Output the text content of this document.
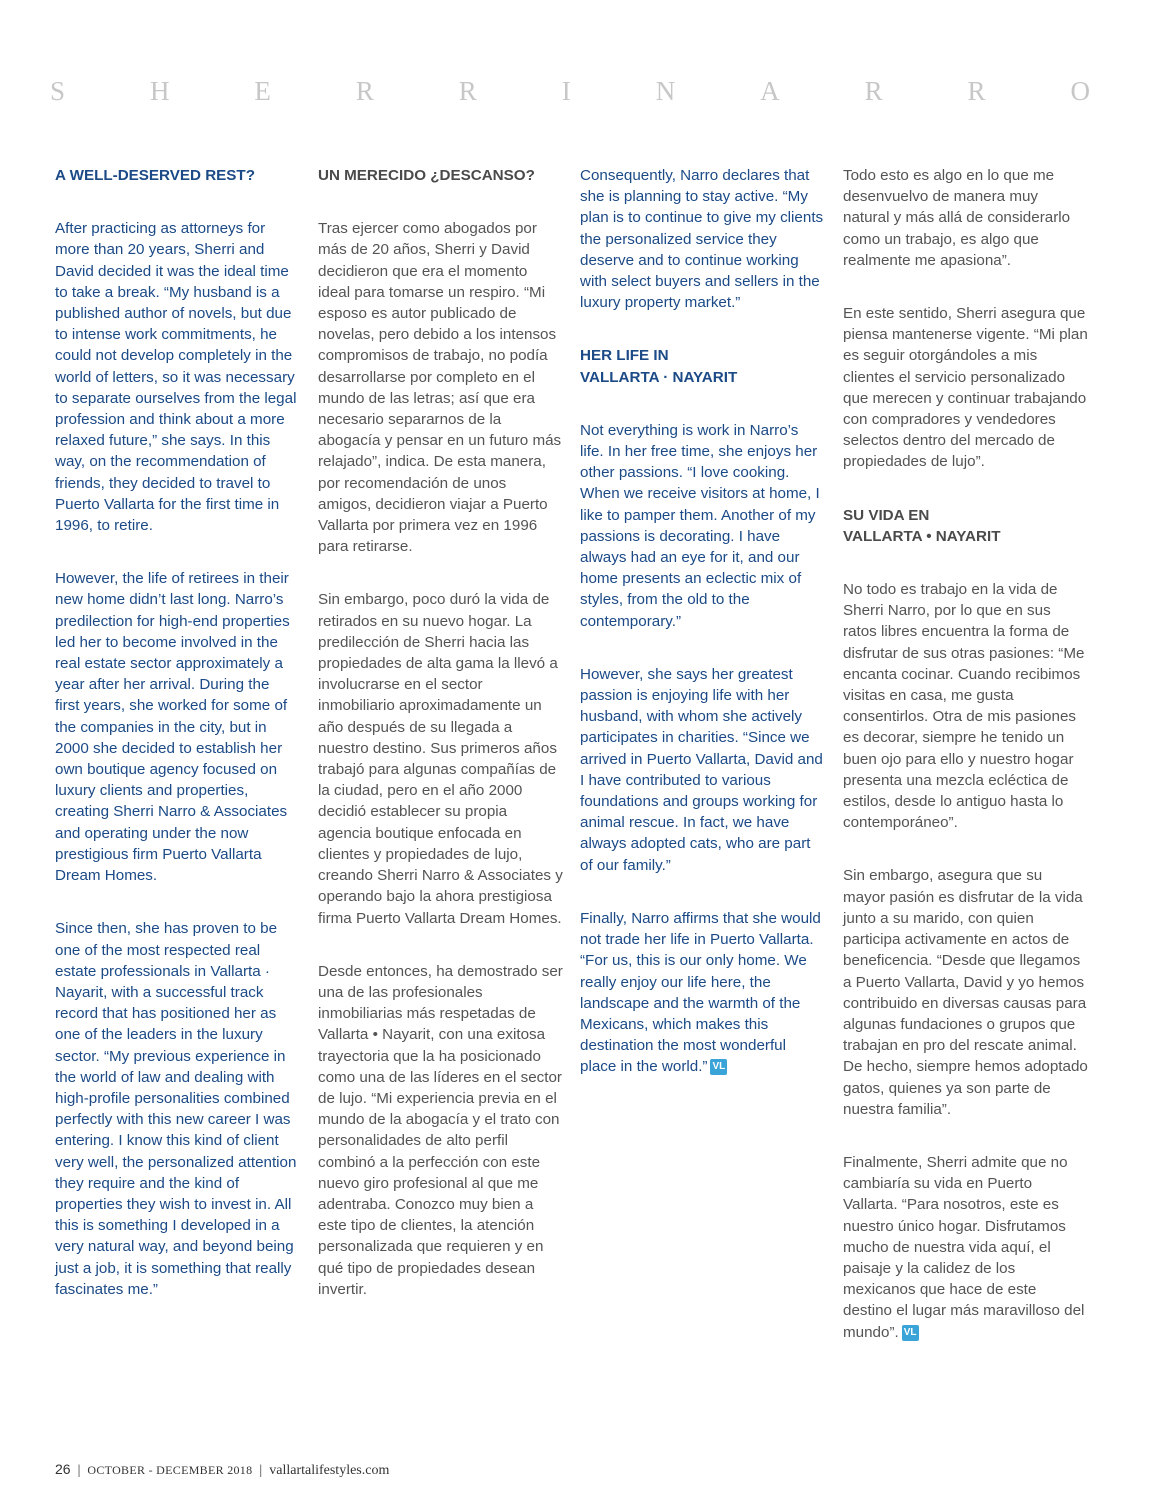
S	H	E	R	R	I	N	A	R	R	O
A WELL-DESERVED REST?

After practicing as attorneys for more than 20 years, Sherri and David decided it was the ideal time to take a break. “My husband is a published author of novels, but due to intense work commitments, he could not develop completely in the world of letters, so it was necessary to separate ourselves from the legal profession and think about a more relaxed future,” she says. In this way, on the recommendation of friends, they decided to travel to Puerto Vallarta for the first time in 1996, to retire.

However, the life of retirees in their new home didn’t last long. Narro’s predilection for high-end properties led her to become involved in the real estate sector approximately a year after her arrival. During the first years, she worked for some of the companies in the city, but in 2000 she decided to establish her own boutique agency focused on luxury clients and properties, creating Sherri Narro & Associates and operating under the now prestigious firm Puerto Vallarta Dream Homes.

Since then, she has proven to be one of the most respected real estate professionals in Vallarta · Nayarit, with a successful track record that has positioned her as one of the leaders in the luxury sector. “My previous experience in the world of law and dealing with high-profile personalities combined perfectly with this new career I was entering. I know this kind of client very well, the personalized attention they require and the kind of properties they wish to invest in. All this is something I developed in a very natural way, and beyond being just a job, it is something that really fascinates me.”

UN MERECIDO ¿DESCANSO?

Tras ejercer como abogados por más de 20 años, Sherri y David decidieron que era el momento ideal para tomarse un respiro. “Mi esposo es autor publicado de novelas, pero debido a los intensos compromisos de trabajo, no podía desarrollarse por completo en el mundo de las letras; así que era necesario separarnos de la abogacía y pensar en un futuro más relajado”, indica. De esta manera, por recomendación de unos amigos, decidieron viajar a Puerto Vallarta por primera vez en 1996 para retirarse.

Sin embargo, poco duró la vida de retirados en su nuevo hogar. La predilección de Sherri hacia las propiedades de alta gama la llevó a involucrarse en el sector inmobiliario aproximadamente un año después de su llegada a nuestro destino. Sus primeros años trabajó para algunas compañías de la ciudad, pero en el año 2000 decidió establecer su propia agencia boutique enfocada en clientes y propiedades de lujo, creando Sherri Narro & Associates y operando bajo la ahora prestigiosa firma Puerto Vallarta Dream Homes.

Desde entonces, ha demostrado ser una de las profesionales inmobiliarias más respetadas de Vallarta • Nayarit, con una exitosa trayectoria que la ha posicionado como una de las líderes en el sector de lujo. “Mi experiencia previa en el mundo de la abogacía y el trato con personalidades de alto perfil combinó a la perfección con este nuevo giro profesional al que me adentraba. Conozco muy bien a este tipo de clientes, la atención personalizada que requieren y en qué tipo de propiedades desean invertir.

Consequently, Narro declares that she is planning to stay active. “My plan is to continue to give my clients the personalized service they deserve and to continue working with select buyers and sellers in the luxury property market.”

HER LIFE IN
VALLARTA · NAYARIT

Not everything is work in Narro’s life. In her free time, she enjoys her other passions. “I love cooking. When we receive visitors at home, I like to pamper them. Another of my passions is decorating. I have always had an eye for it, and our home presents an eclectic mix of styles, from the old to the contemporary.”

However, she says her greatest passion is enjoying life with her husband, with whom she actively participates in charities. “Since we arrived in Puerto Vallarta, David and I have contributed to various foundations and groups working for animal rescue. In fact, we have always adopted cats, who are part of our family.”

Finally, Narro affirms that she would not trade her life in Puerto Vallarta. “For us, this is our only home. We really enjoy our life here, the landscape and the warmth of the Mexicans, which makes this destination the most wonderful place in the world.” VL

Todo esto es algo en lo que me desenvuelvo de manera muy natural y más allá de considerarlo como un trabajo, es algo que realmente me apasiona”.

En este sentido, Sherri asegura que piensa mantenerse vigente. “Mi plan es seguir otorgándoles a mis clientes el servicio personalizado que merecen y continuar trabajando con compradores y vendedores selectos dentro del mercado de propiedades de lujo”.

SU VIDA EN
VALLARTA • NAYARIT

No todo es trabajo en la vida de Sherri Narro, por lo que en sus ratos libres encuentra la forma de disfrutar de sus otras pasiones: “Me encanta cocinar. Cuando recibimos visitas en casa, me gusta consentirlos. Otra de mis pasiones es decorar, siempre he tenido un buen ojo para ello y nuestro hogar presenta una mezcla ecléctica de estilos, desde lo antiguo hasta lo contemporáneo”.

Sin embargo, asegura que su mayor pasión es disfrutar de la vida junto a su marido, con quien participa activamente en actos de beneficencia. “Desde que llegamos a Puerto Vallarta, David y yo hemos contribuido en diversas causas para algunas fundaciones o grupos que trabajan en pro del rescate animal. De hecho, siempre hemos adoptado gatos, quienes ya son parte de nuestra familia”.

Finalmente, Sherri admite que no cambiaría su vida en Puerto Vallarta. “Para nosotros, este es nuestro único hogar. Disfrutamos mucho de nuestra vida aquí, el paisaje y la calidez de los mexicanos que hace de este destino el lugar más maravilloso del mundo”. VL

26 | OCTOBER - DECEMBER 2018 | vallartalifestyles.com
